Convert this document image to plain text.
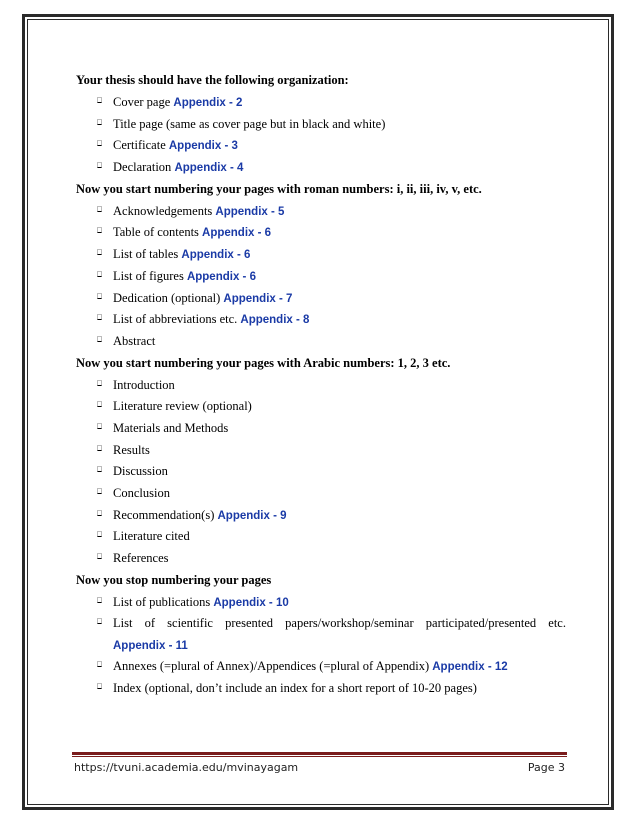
Your thesis should have the following organization:
Cover page Appendix - 2
Title page (same as cover page but in black and white)
Certificate Appendix - 3
Declaration Appendix - 4
Now you start numbering your pages with roman numbers: i, ii, iii, iv, v, etc.
Acknowledgements Appendix - 5
Table of contents Appendix - 6
List of tables Appendix - 6
List of figures Appendix - 6
Dedication (optional) Appendix - 7
List of abbreviations etc. Appendix - 8
Abstract
Now you start numbering your pages with Arabic numbers: 1, 2, 3 etc.
Introduction
Literature review (optional)
Materials and Methods
Results
Discussion
Conclusion
Recommendation(s) Appendix - 9
Literature cited
References
Now you stop numbering your pages
List of publications Appendix - 10
List of scientific presented papers/workshop/seminar participated/presented etc.
Appendix - 11
Annexes (=plural of Annex)/Appendices (=plural of Appendix) Appendix - 12
Index (optional, don’t include an index for a short report of 10-20 pages)
https://tvuni.academia.edu/mvinayagam	Page 3
